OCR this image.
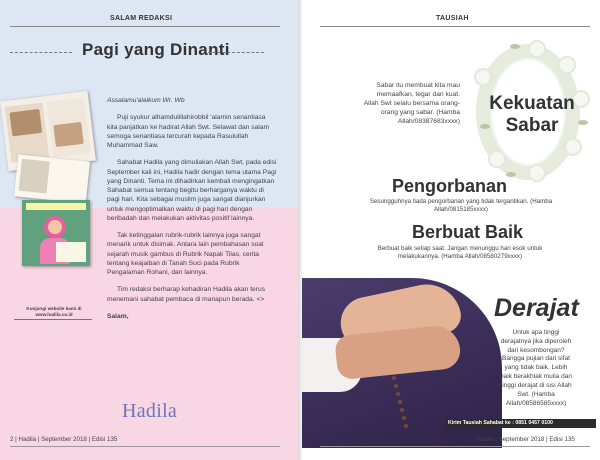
SALAM REDAKSI
Pagi yang Dinanti
Kunjungi website kami di www.hadila.co.id

Assalamu'alaikum Wr. Wb

Puji syukur alhamdulillahirobbil 'alamin senantiasa kita panjatkan ke hadirat Allah Swt. Selawat dan salam semoga senantiasa tercurah kepada Rasulullah Muhammad Saw.

Sahabat Hadila yang dimuliakan Allah Swt, pada edisi September kali ini, Hadila hadir dengan tema utama Pagi yang Dinanti. Tema ini dihadirkan kembali mengingatkan Sahabat semua tentang begitu berharganya waktu di pagi hari. Kita sebagai muslim juga sangat dianjurkan untuk mengoptimalkan waktu di pagi hari dengan beribadah dan melakukan aktivitas positif lainnya.

Tak ketinggalan rubrik-rubrik lainnya juga sangat menarik untuk disimak. Antara lain pembahasan soal sejarah musik gambus di Rubrik Napak Tilas, cerita tentang keajaiban di Tanah Suci pada Rubrik Pengalaman Rohani, dan lainnya.

Tim redaksi berharap kehadiran Hadila akan terus menemani sahabat pembaca di manapun berada. <>

Salam,

Hadila
2 | Hadila | September 2018 | Edisi 135
TAUSIAH
Sabar itu membuat kita mau memaafkan, tegar dan kuat. Allah Swt selalu bersama orang-orang yang sabar. (Hamba Allah/08387683xxxx)
Kekuatan Sabar
Pengorbanan
Sesungguhnya tiada pengorbanan yang tidak tergantikan. (Hamba Allah/0815185xxxx)
Berbuat Baik
Berbuat baik setiap saat. Jangan menunggu hari esok untuk melakukannya. (Hamba Allah/08580279xxxx)
Derajat
Untuk apa tinggi derajatnya jika diperoleh dari kesombongan? Bangga pujian dari sifat yang tidak baik. Lebih baik berakhlak mulia dan tinggi derajat di sisi Allah Swt. (Hamba Allah/08586585xxxx)
Kirim Tausiah Sahabat ke : 0851 0457 0100
Hadila | September 2018 | Edisi 135
